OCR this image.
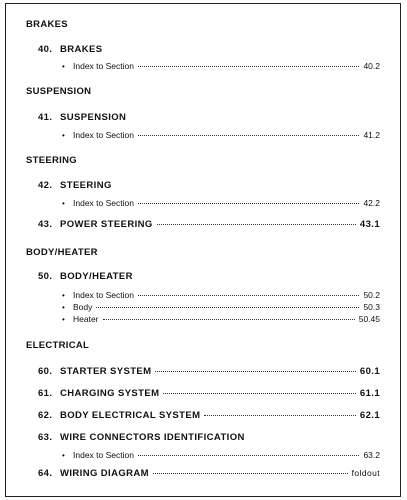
BRAKES
40. BRAKES
• Index to Section	40.2
SUSPENSION
41. SUSPENSION
• Index to Section	41.2
STEERING
42. STEERING
• Index to Section	42.2
43. POWER STEERING	43.1
BODY/HEATER
50. BODY/HEATER
• Index to Section	50.2
• Body	50.3
• Heater	50.45
ELECTRICAL
60. STARTER SYSTEM	60.1
61. CHARGING SYSTEM	61.1
62. BODY ELECTRICAL SYSTEM	62.1
63. WIRE CONNECTORS IDENTIFICATION
• Index to Section	63.2
64. WIRING DIAGRAM	foldout
